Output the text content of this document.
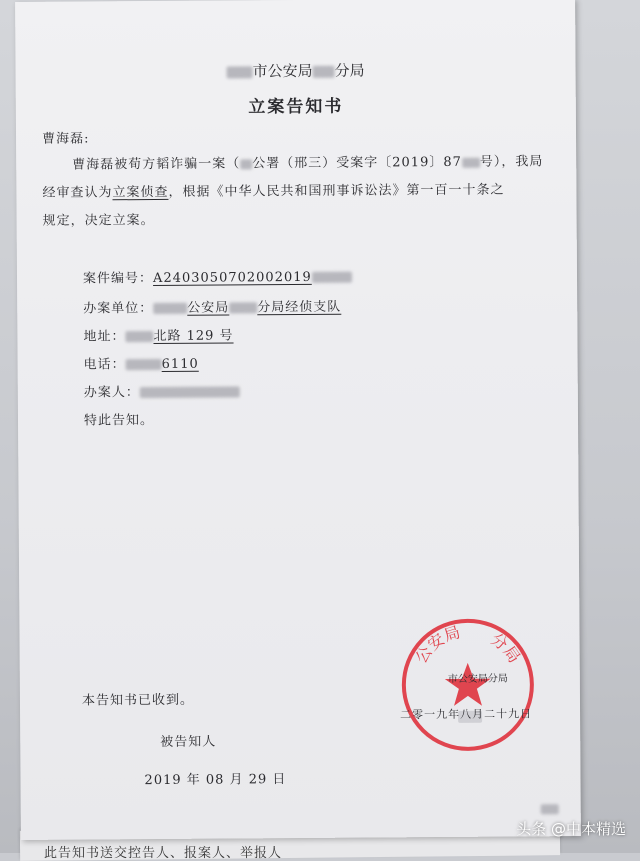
此告知书送交控告人、报案人、举报人
市公安局 分局
立案告知书
曹海磊:
曹海磊被荀方韬诈骗一案（ 公署（邢三）受案字〔2019〕87 号），我局
经审查认为立案侦查，根据《中华人民共和国刑事诉讼法》第一百一十条之
规定，决定立案。
案件编号：A2403050702002019
办案单位：	公安局 分局经侦支队
地址： 北路 129 号
电话：	6110
办案人：
特此告知。
公安局 分局
市公安局分局
二零一九年八月二十九日
本告知书已收到。
被告知人
2019 年 08 月 29 日
头条 @中本精选
